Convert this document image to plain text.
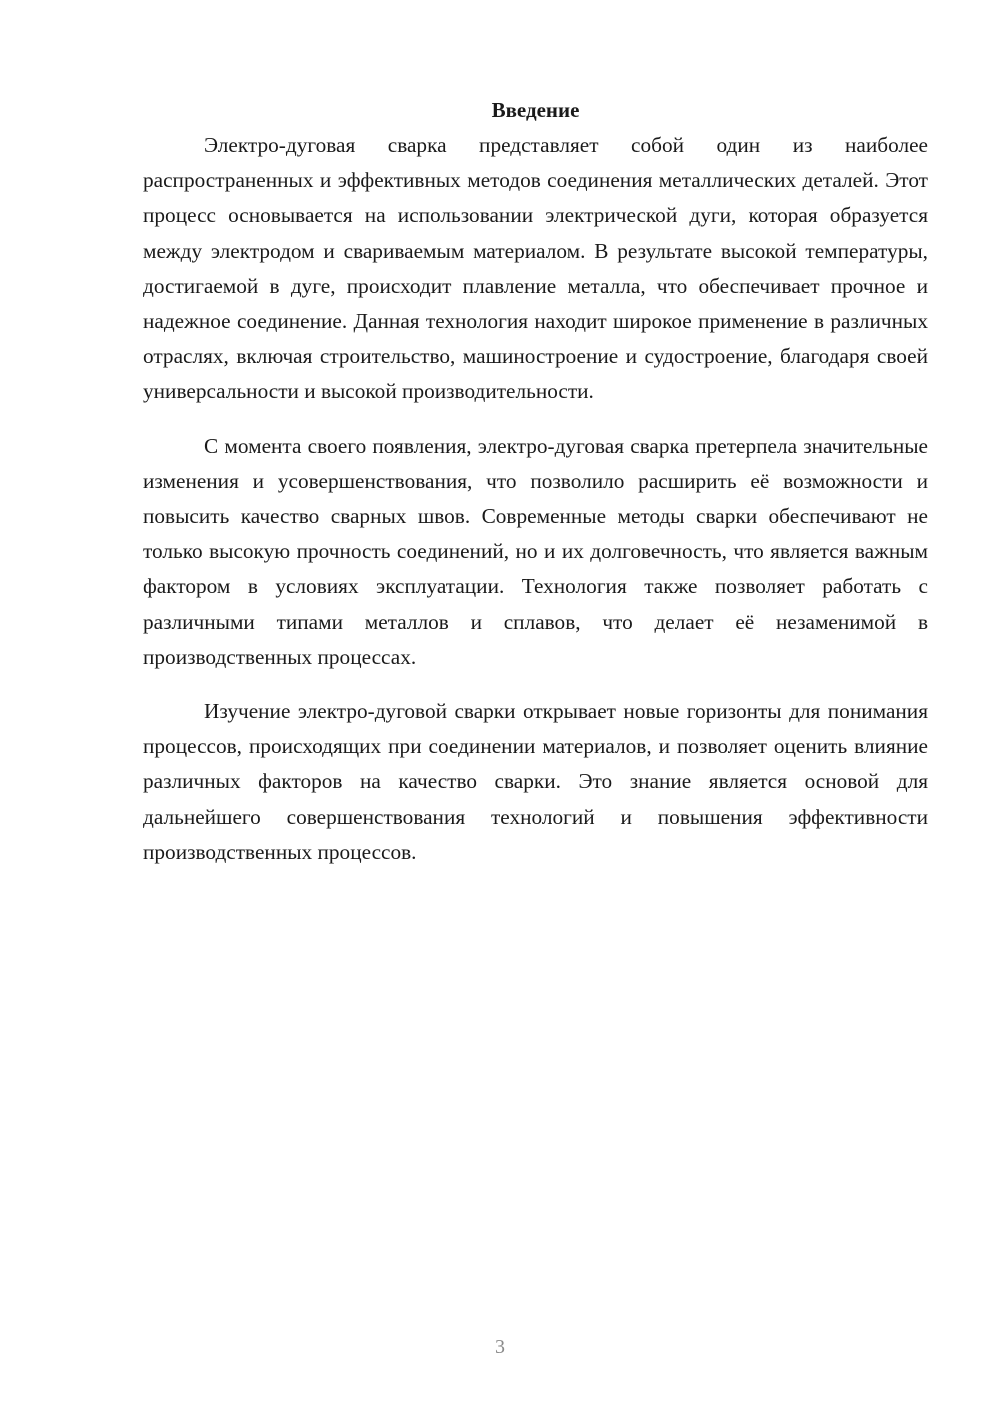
Введение

Электро-дуговая сварка представляет собой один из наиболее распространенных и эффективных методов соединения металлических деталей. Этот процесс основывается на использовании электрической дуги, которая образуется между электродом и свариваемым материалом. В результате высокой температуры, достигаемой в дуге, происходит плавление металла, что обеспечивает прочное и надежное соединение. Данная технология находит широкое применение в различных отраслях, включая строительство, машиностроение и судостроение, благодаря своей универсальности и высокой производительности.

С момента своего появления, электро-дуговая сварка претерпела значительные изменения и усовершенствования, что позволило расширить её возможности и повысить качество сварных швов. Современные методы сварки обеспечивают не только высокую прочность соединений, но и их долговечность, что является важным фактором в условиях эксплуатации. Технология также позволяет работать с различными типами металлов и сплавов, что делает её незаменимой в производственных процессах.

Изучение электро-дуговой сварки открывает новые горизонты для понимания процессов, происходящих при соединении материалов, и позволяет оценить влияние различных факторов на качество сварки. Это знание является основой для дальнейшего совершенствования технологий и повышения эффективности производственных процессов.

3
